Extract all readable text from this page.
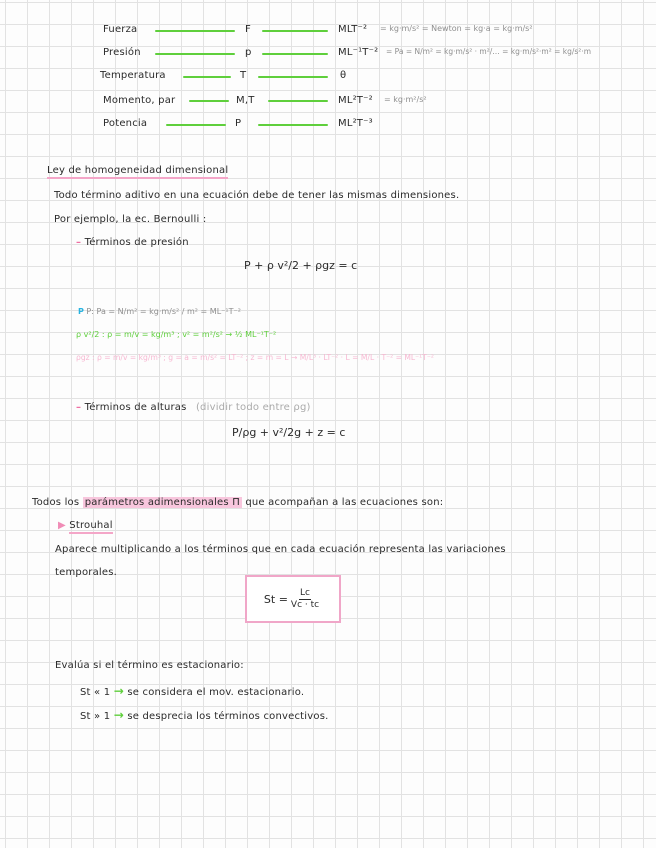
Fuerza	F	MLT⁻² = kg·m/s² = Newton = kg·a = kg·m/s²
Presión	p	ML⁻¹T⁻² = Pa = N/m² = kg·m/s² · m²/… = kg·m/s²·m² = kg/s²·m
Temperatura	T	θ
Momento, par	M,T	ML²T⁻² = kg·m²/s²
Potencia	P	ML²T⁻³
Ley de homogeneidad dimensional
Todo término aditivo en una ecuación debe de tener las mismas dimensiones.
Por ejemplo, la ec. Bernoulli :
– Términos de presión
P + ρ v²/2 + ρgz = c
P P: Pa = N/m² = kg·m/s² / m² = ML⁻¹T⁻²
ρ v²/2 : ρ = m/v = kg/m³ ; v² = m²/s² → ½ ML⁻¹T⁻²
ρgz : ρ = m/v = kg/m³ ; g = a = m/s² = LT⁻² ; z = m = L → M/L³ · LT⁻² · L = M/L · T⁻² = ML⁻¹T⁻²
– Términos de alturas (dividir todo entre ρg)
P/ρg + v²/2g + z = c
Todos los parámetros adimensionales Π que acompañan a las ecuaciones son:
▶ Strouhal
Aparece multiplicando a los términos que en cada ecuación representa las variaciones
temporales.
$St = \frac{Lc}{Vc \cdot tc}$
Evalúa si el término es estacionario:
St « 1 → se considera el mov. estacionario.
St » 1 → se desprecia los términos convectivos.
